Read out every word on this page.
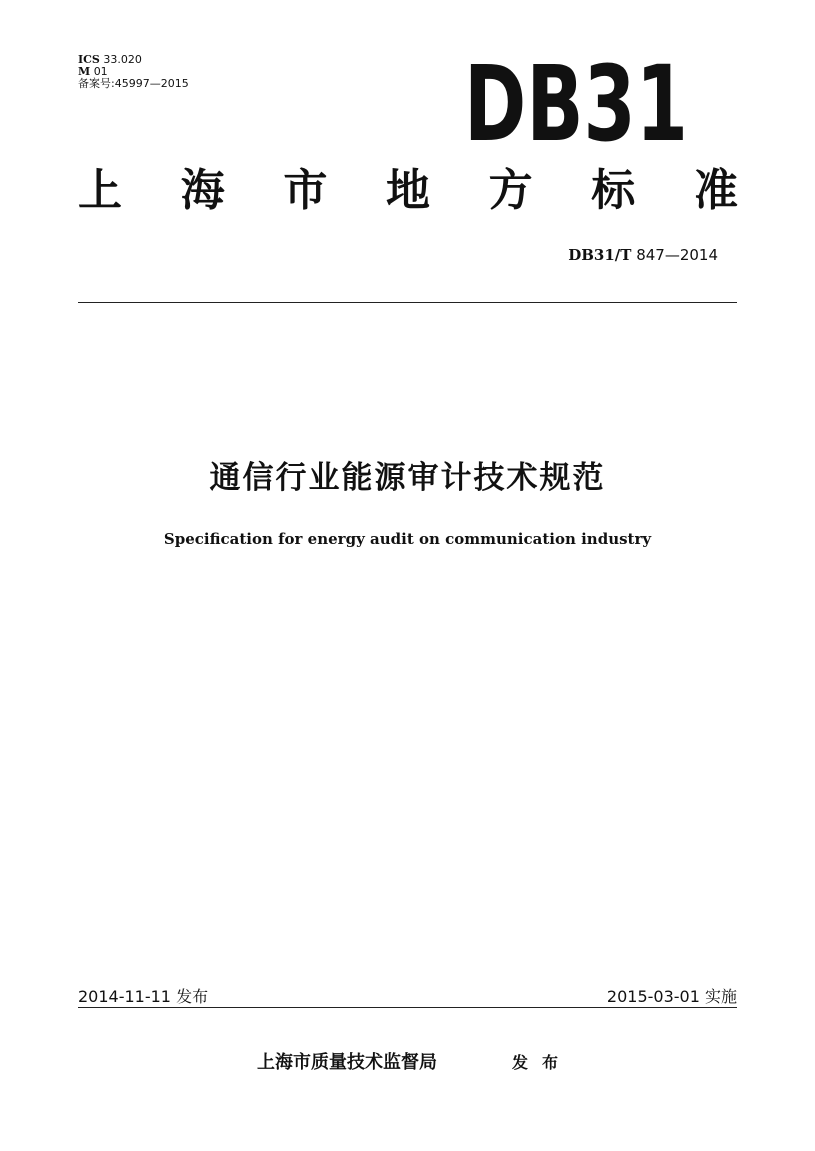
ICS 33.020
M 01
备案号:45997—2015	DB31
上 海 市 地 方 标 准
DB31/T 847—2014
通信行业能源审计技术规范
Specification for energy audit on communication industry
2014-11-11 发布	2015-03-01 实施
上海市质量技术监督局	发布
